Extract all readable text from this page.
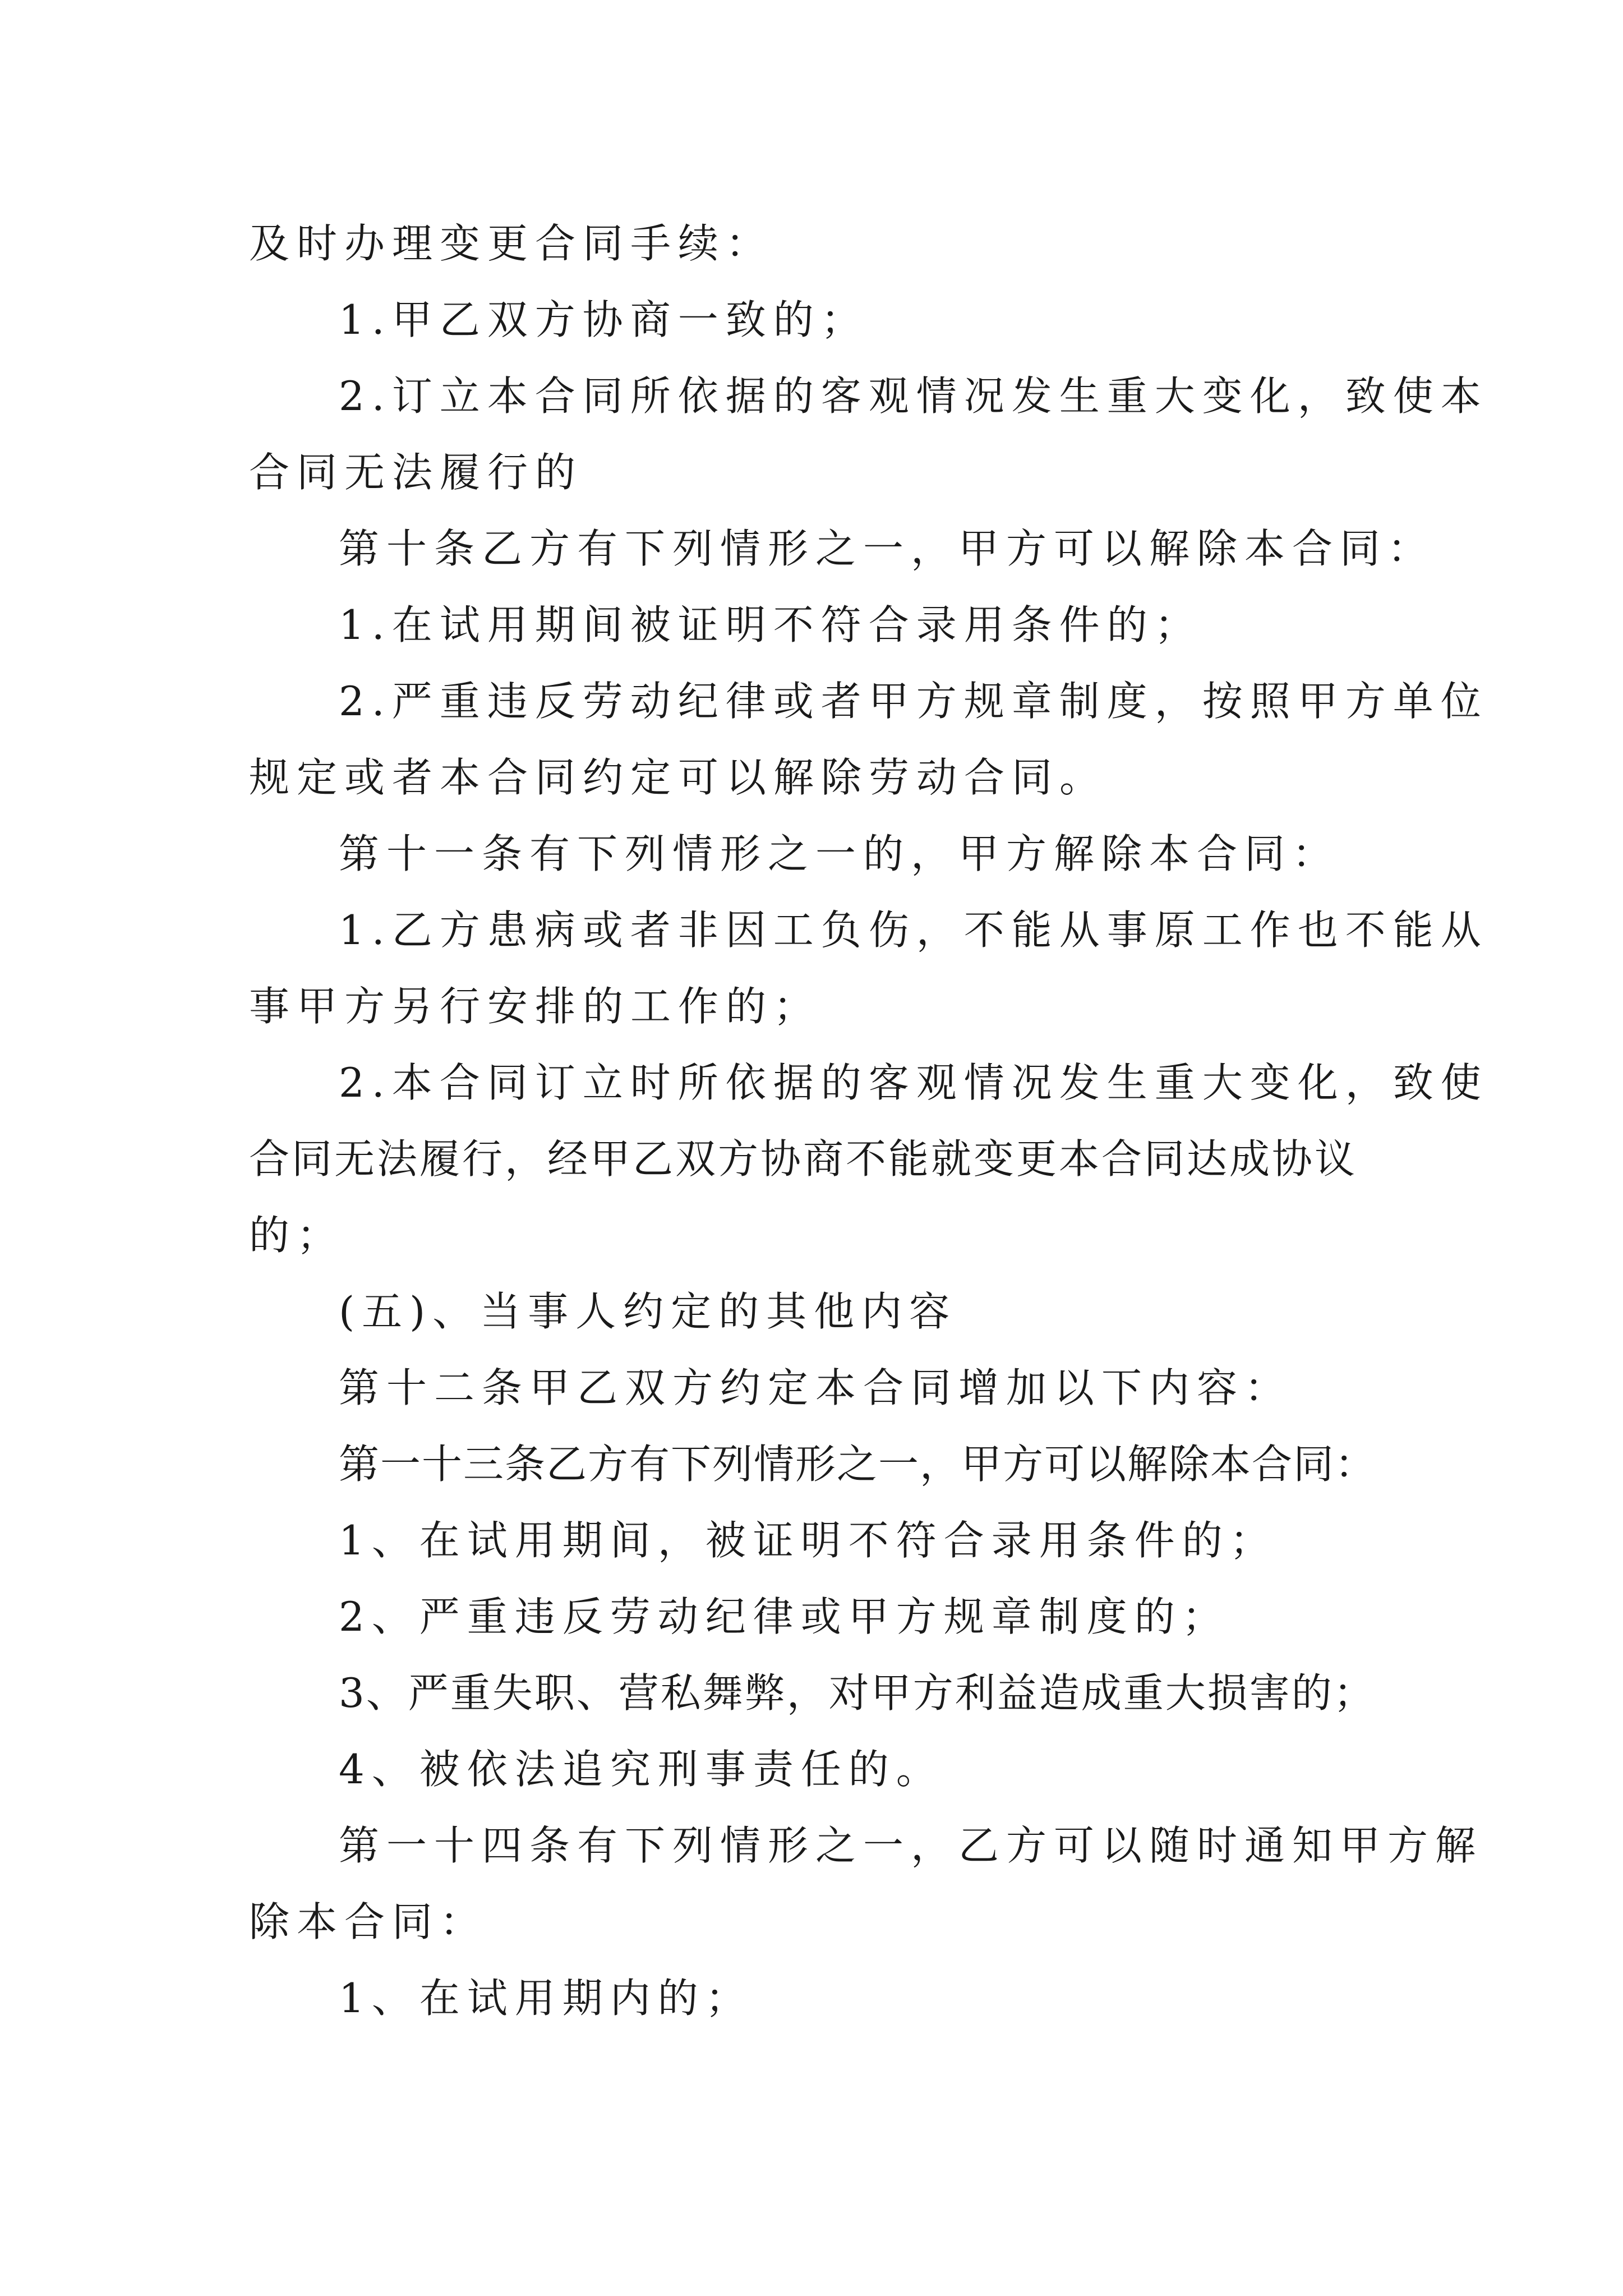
及时办理变更合同手续：
1.甲乙双方协商一致的；
2.订立本合同所依据的客观情况发生重大变化，致使本
合同无法履行的
第十条乙方有下列情形之一，甲方可以解除本合同：
1.在试用期间被证明不符合录用条件的；
2.严重违反劳动纪律或者甲方规章制度，按照甲方单位
规定或者本合同约定可以解除劳动合同。
第十一条有下列情形之一的，甲方解除本合同：
1.乙方患病或者非因工负伤，不能从事原工作也不能从
事甲方另行安排的工作的；
2.本合同订立时所依据的客观情况发生重大变化，致使
合同无法履行，经甲乙双方协商不能就变更本合同达成协议
的；
(五)、当事人约定的其他内容
第十二条甲乙双方约定本合同增加以下内容：
第一十三条乙方有下列情形之一，甲方可以解除本合同：
1、在试用期间，被证明不符合录用条件的；
2、严重违反劳动纪律或甲方规章制度的；
3、严重失职、营私舞弊，对甲方利益造成重大损害的；
4、被依法追究刑事责任的。
第一十四条有下列情形之一，乙方可以随时通知甲方解
除本合同：
1、在试用期内的；
